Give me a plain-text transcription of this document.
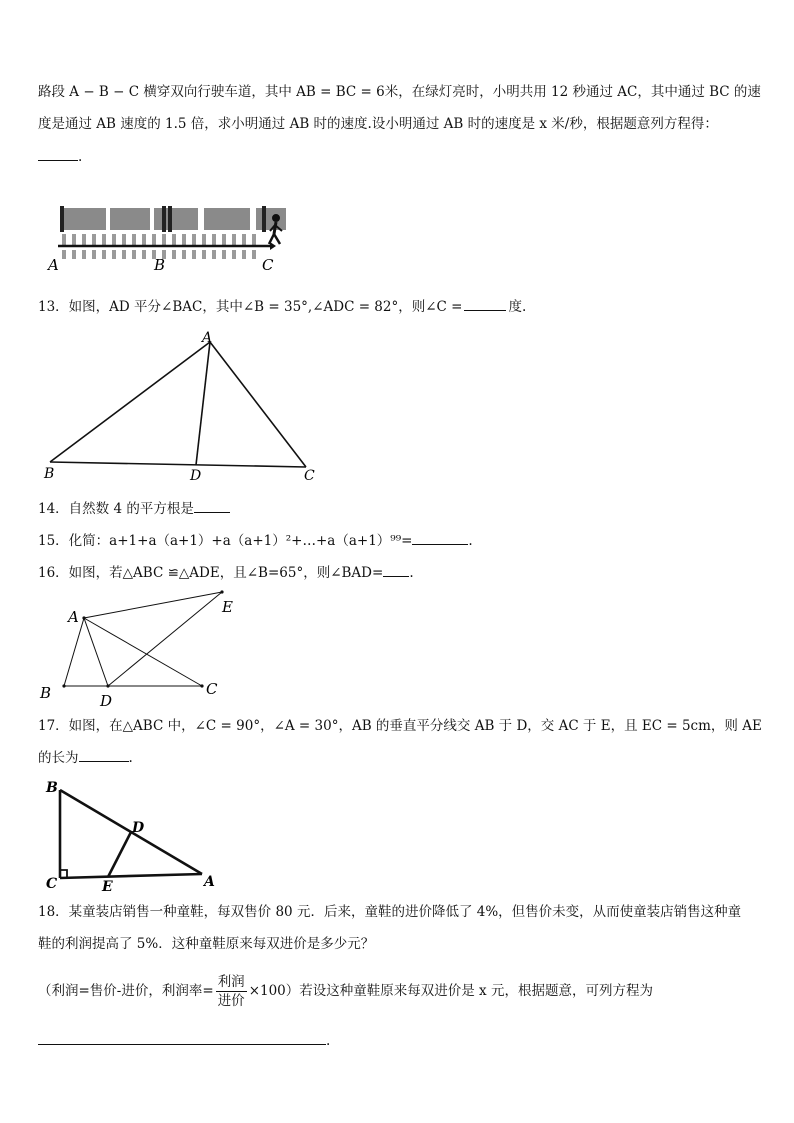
路段 A − B − C 横穿双向行驶车道，其中 AB = BC = 6米，在绿灯亮时，小明共用 12 秒通过 AC，其中通过 BC 的速
度是通过 AB 速度的 1.5 倍，求小明通过 AB 时的速度.设小明通过 AB 时的速度是 x 米/秒，根据题意列方程得：
.
A	B	C
13．如图，AD 平分∠BAC，其中∠B = 35°,∠ADC = 82°，则∠C =	度.
A
B	C
D
14．自然数 4 的平方根是
15．化简：a+1+a（a+1）+a（a+1）²+…+a（a+1）⁹⁹=	.
16．如图，若△ABC ≌△ADE，且∠B=65°，则∠BAD= .
A
B	C
D
E
17．如图，在△ABC 中，∠C = 90°，∠A = 30°，AB 的垂直平分线交 AB 于 D，交 AC 于 E，且 EC = 5cm，则 AE
的长为	.
B
C	A
D
E
18．某童装店销售一种童鞋，每双售价 80 元．后来，童鞋的进价降低了 4%，但售价未变，从而使童装店销售这种童
鞋的利润提高了 5%．这种童鞋原来每双进价是多少元？
（利润=售价-进价，利润率= $\frac{\text{利润}}{\text{进价}} \times 100$）若设这种童鞋原来每双进价是 x 元，根据题意，可列方程为
.
